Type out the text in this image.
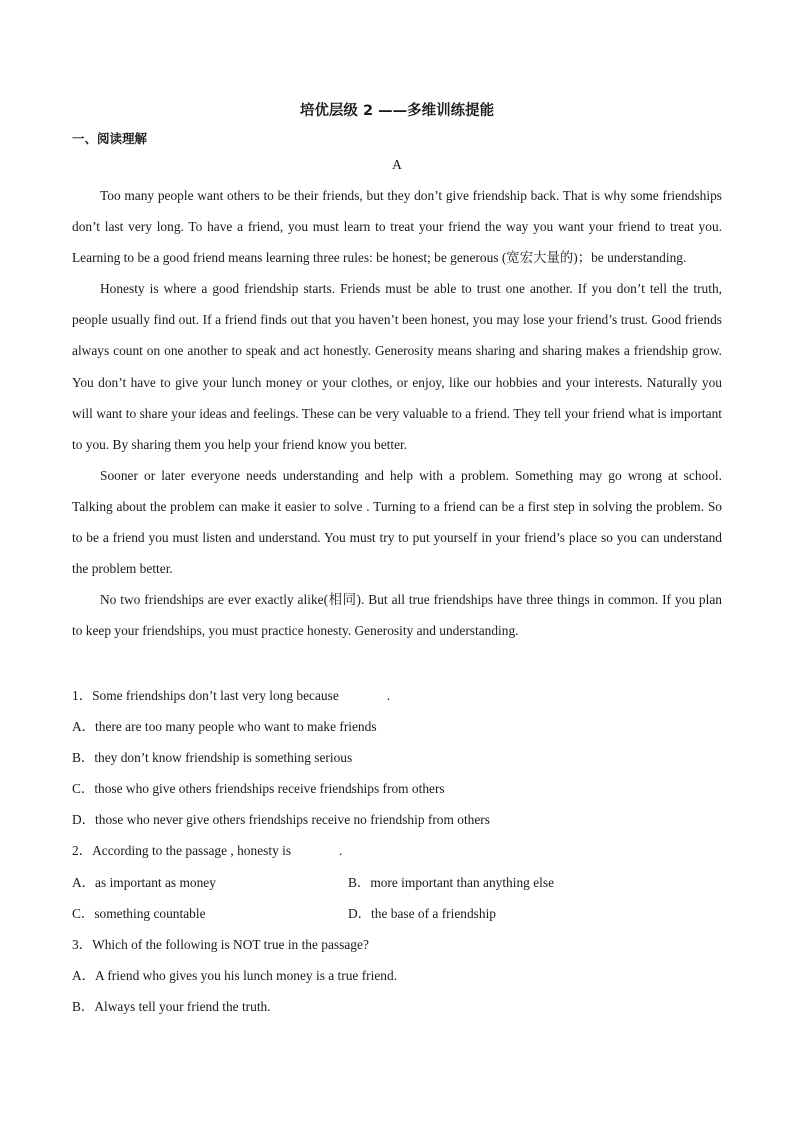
培优层级 2 ——多维训练提能
一、阅读理解
A

Too many people want others to be their friends, but they don’t give friendship back. That is why some friendships don’t last very long. To have a friend, you must learn to treat your friend the way you want your friend to treat you. Learning to be a good friend means learning three rules: be honest; be generous (宽宏大量的)；be understanding.

Honesty is where a good friendship starts. Friends must be able to trust one another. If you don’t tell the truth, people usually find out. If a friend finds out that you haven’t been honest, you may lose your friend’s trust. Good friends always count on one another to speak and act honestly. Generosity means sharing and sharing makes a friendship grow. You don’t have to give your lunch money or your clothes, or enjoy, like our hobbies and your interests. Naturally you will want to share your ideas and feelings. These can be very valuable to a friend. They tell your friend what is important to you. By sharing them you help your friend know you better.

Sooner or later everyone needs understanding and help with a problem. Something may go wrong at school. Talking about the problem can make it easier to solve . Turning to a friend can be a first step in solving the problem. So to be a friend you must listen and understand. You must try to put yourself in your friend’s place so you can understand the problem better.

No two friendships are ever exactly alike(相同). But all true friendships have three things in common. If you plan to keep your friendships, you must practice honesty. Generosity and understanding.

1．Some friendships don’t last very long because	.
A．there are too many people who want to make friends
B．they don’t know friendship is something serious
C．those who give others friendships receive friendships from others
D．those who never give others friendships receive no friendship from others
2．According to the passage , honesty is	.
A．as important as money	B．more important than anything else
C．something countable	D．the base of a friendship
3．Which of the following is NOT true in the passage?
A．A friend who gives you his lunch money is a true friend.
B．Always tell your friend the truth.
